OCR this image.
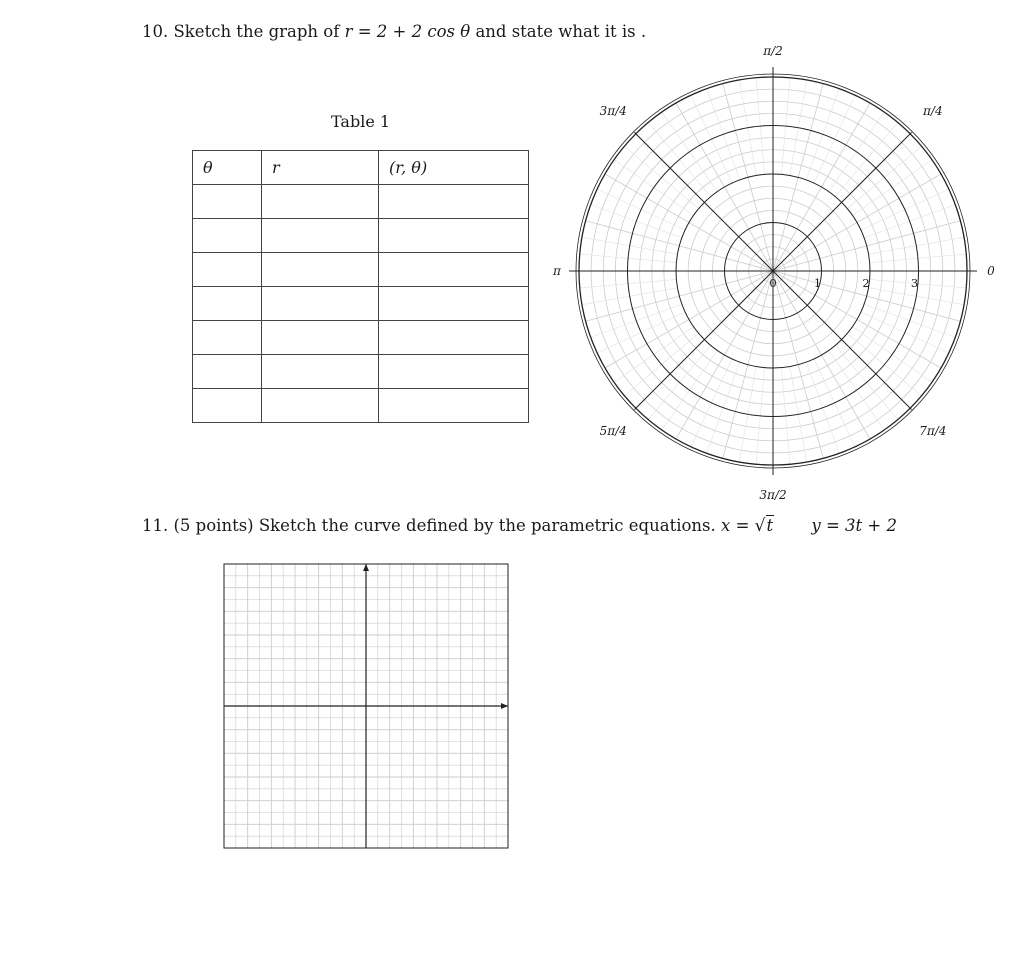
10. Sketch the graph of r = 2 + 2 cos θ and state what it is .
Table 1
θ	r	(r, θ)

0
π/4
π/2
3π/4
π
5π/4
3π/2
7π/4
0	1	2	3
11. (5 points) Sketch the curve defined by the parametric equations. x = √t y = 3t + 2
